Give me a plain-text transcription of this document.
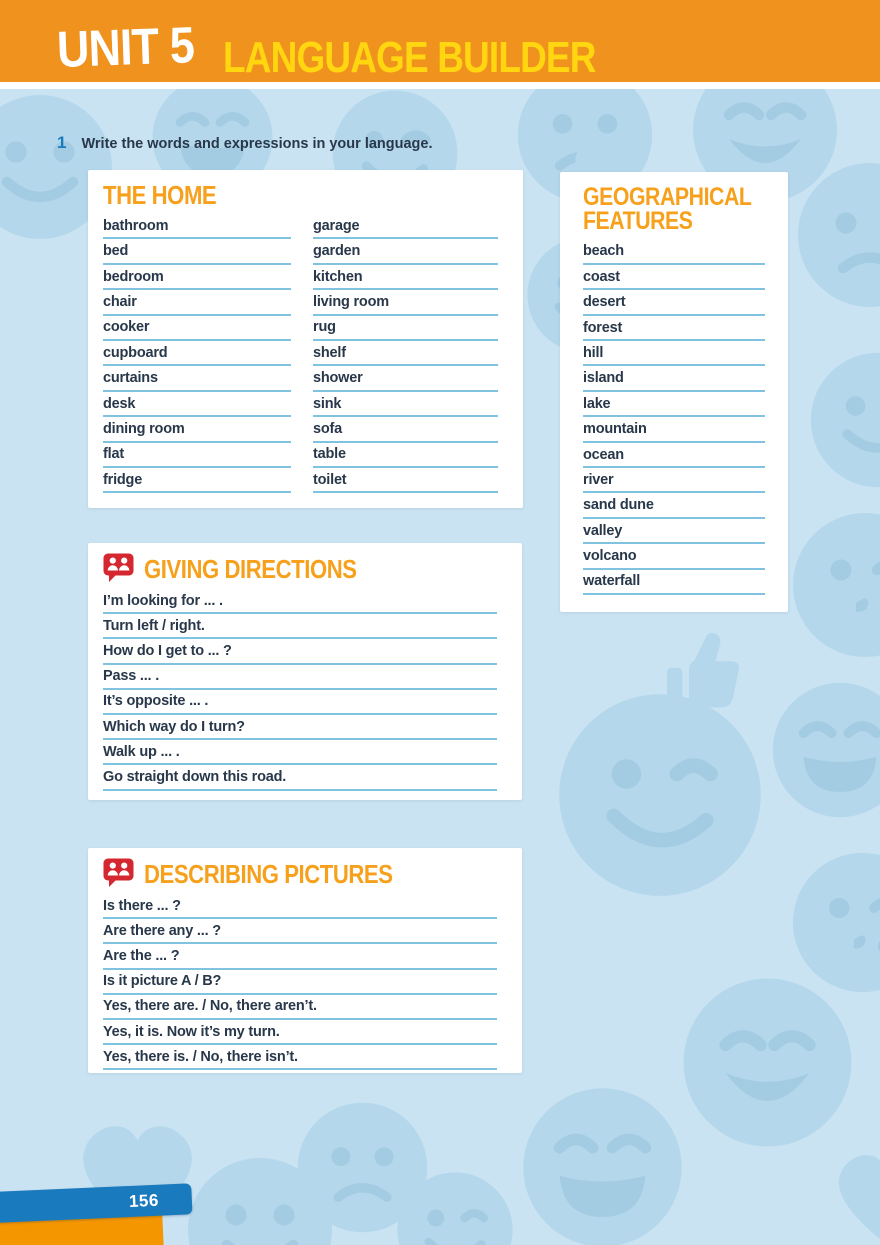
UNIT 5 LANGUAGE BUILDER
1 Write the words and expressions in your language.
THE HOME
bathroom
bed
bedroom
chair
cooker
cupboard
curtains
desk
dining room
flat
fridge
garage
garden
kitchen
living room
rug
shelf
shower
sink
sofa
table
toilet
GEOGRAPHICAL
FEATURES
beach
coast
desert
forest
hill
island
lake
mountain
ocean
river
sand dune
valley
volcano
waterfall
GIVING DIRECTIONS
I’m looking for ... .
Turn left / right.
How do I get to ... ?
Pass ... .
It’s opposite ... .
Which way do I turn?
Walk up ... .
Go straight down this road.
DESCRIBING PICTURES
Is there ... ?
Are there any ... ?
Are the ... ?
Is it picture A / B?
Yes, there are. / No, there aren’t.
Yes, it is. Now it’s my turn.
Yes, there is. / No, there isn’t.
156
